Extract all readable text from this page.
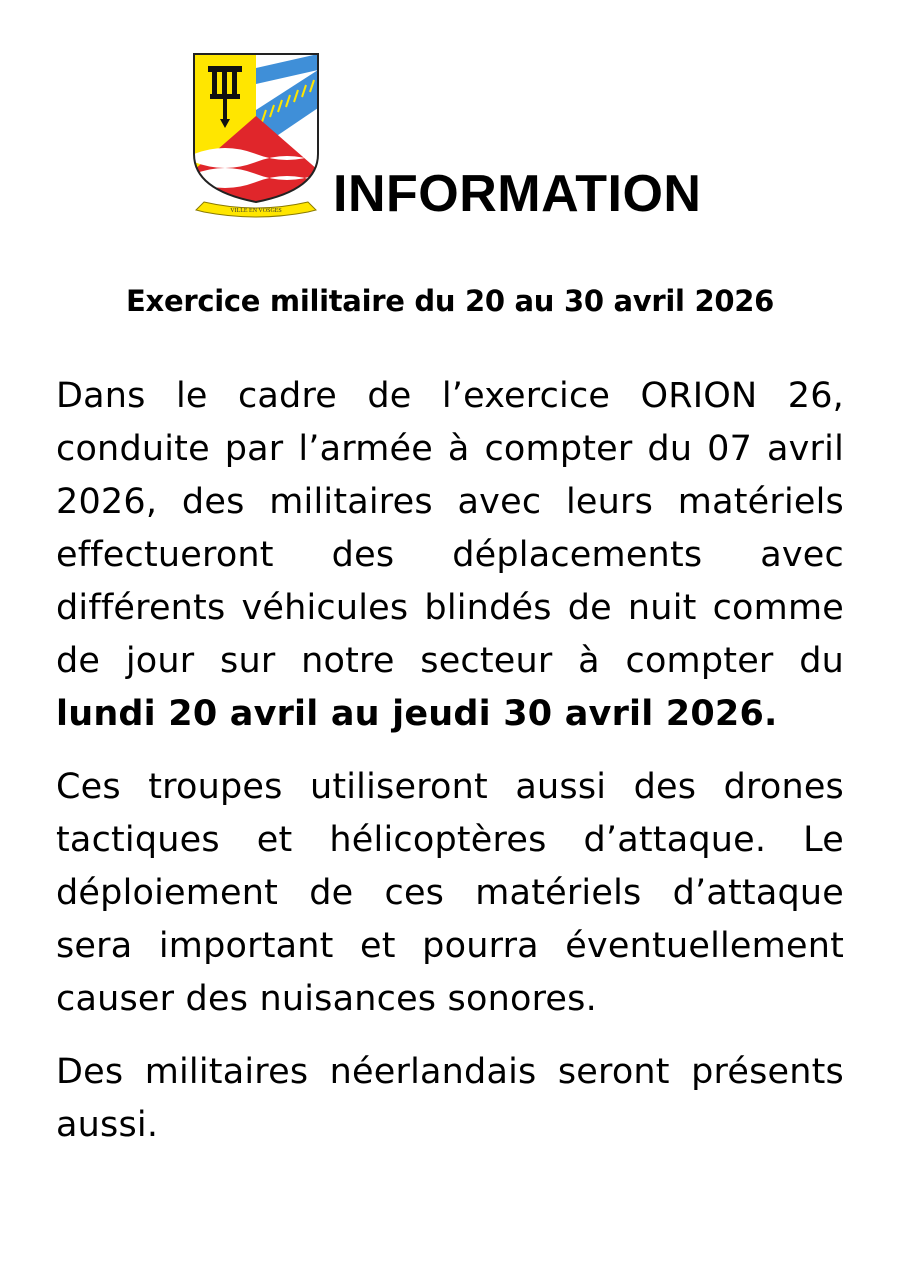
VILLE EN VOSGES INFORMATION
Exercice militaire du 20 au 30 avril 2026

Dans le cadre de l’exercice ORION 26, conduite par l’armée à compter du 07 avril 2026, des militaires avec leurs matériels effectueront des déplacements avec différents véhicules blindés de nuit comme de jour sur notre secteur à compter du lundi 20 avril au jeudi 30 avril 2026.

Ces troupes utiliseront aussi des drones tactiques et hélicoptères d’attaque. Le déploiement de ces matériels d’attaque sera important et pourra éventuellement causer des nuisances sonores.

Des militaires néerlandais seront présents aussi.
